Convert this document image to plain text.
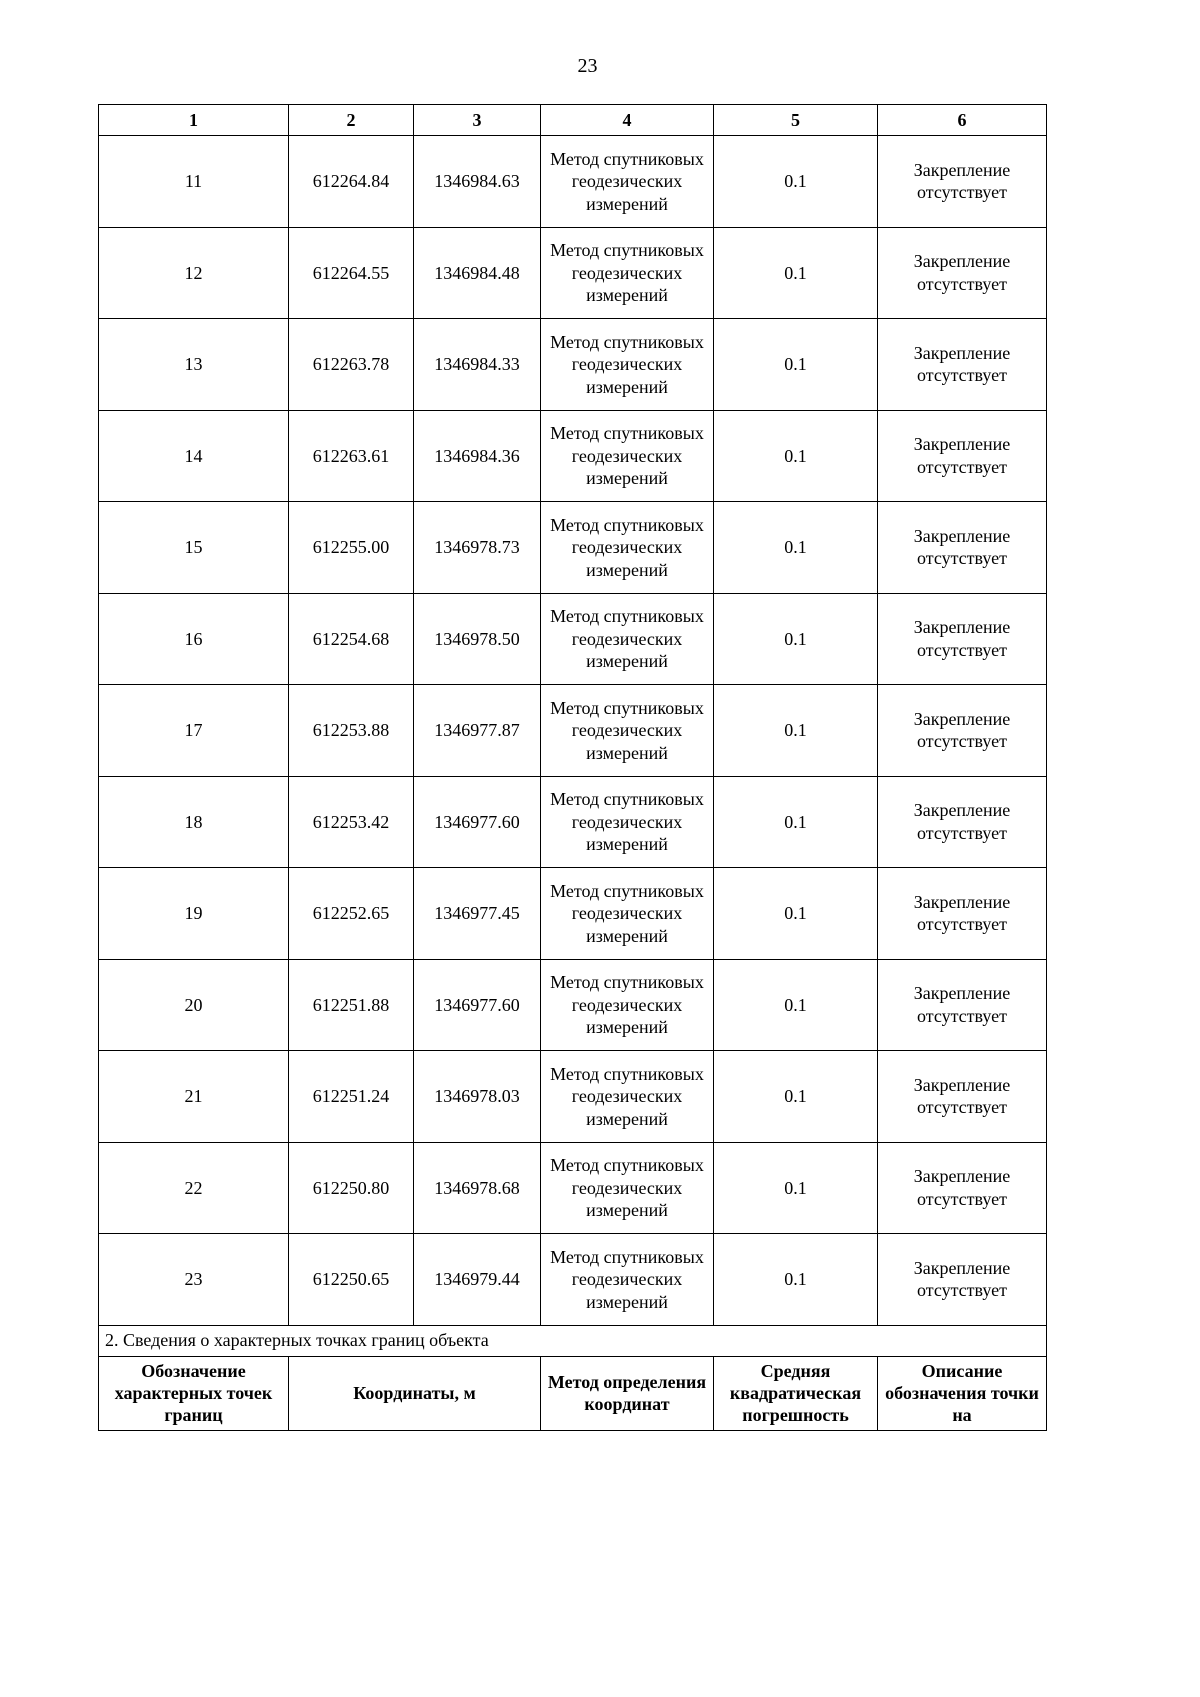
23
1	2	3	4	5	6
11	612264.84	1346984.63	Метод спутниковых геодезических измерений	0.1	Закрепление отсутствует
12	612264.55	1346984.48	Метод спутниковых геодезических измерений	0.1	Закрепление отсутствует
13	612263.78	1346984.33	Метод спутниковых геодезических измерений	0.1	Закрепление отсутствует
14	612263.61	1346984.36	Метод спутниковых геодезических измерений	0.1	Закрепление отсутствует
15	612255.00	1346978.73	Метод спутниковых геодезических измерений	0.1	Закрепление отсутствует
16	612254.68	1346978.50	Метод спутниковых геодезических измерений	0.1	Закрепление отсутствует
17	612253.88	1346977.87	Метод спутниковых геодезических измерений	0.1	Закрепление отсутствует
18	612253.42	1346977.60	Метод спутниковых геодезических измерений	0.1	Закрепление отсутствует
19	612252.65	1346977.45	Метод спутниковых геодезических измерений	0.1	Закрепление отсутствует
20	612251.88	1346977.60	Метод спутниковых геодезических измерений	0.1	Закрепление отсутствует
21	612251.24	1346978.03	Метод спутниковых геодезических измерений	0.1	Закрепление отсутствует
22	612250.80	1346978.68	Метод спутниковых геодезических измерений	0.1	Закрепление отсутствует
23	612250.65	1346979.44	Метод спутниковых геодезических измерений	0.1	Закрепление отсутствует
2. Сведения о характерных точках границ объекта					
Обозначение характерных точек границ	Координаты, м		Метод определения координат	Средняя квадратическая погрешность	Описание обозначения точки на
